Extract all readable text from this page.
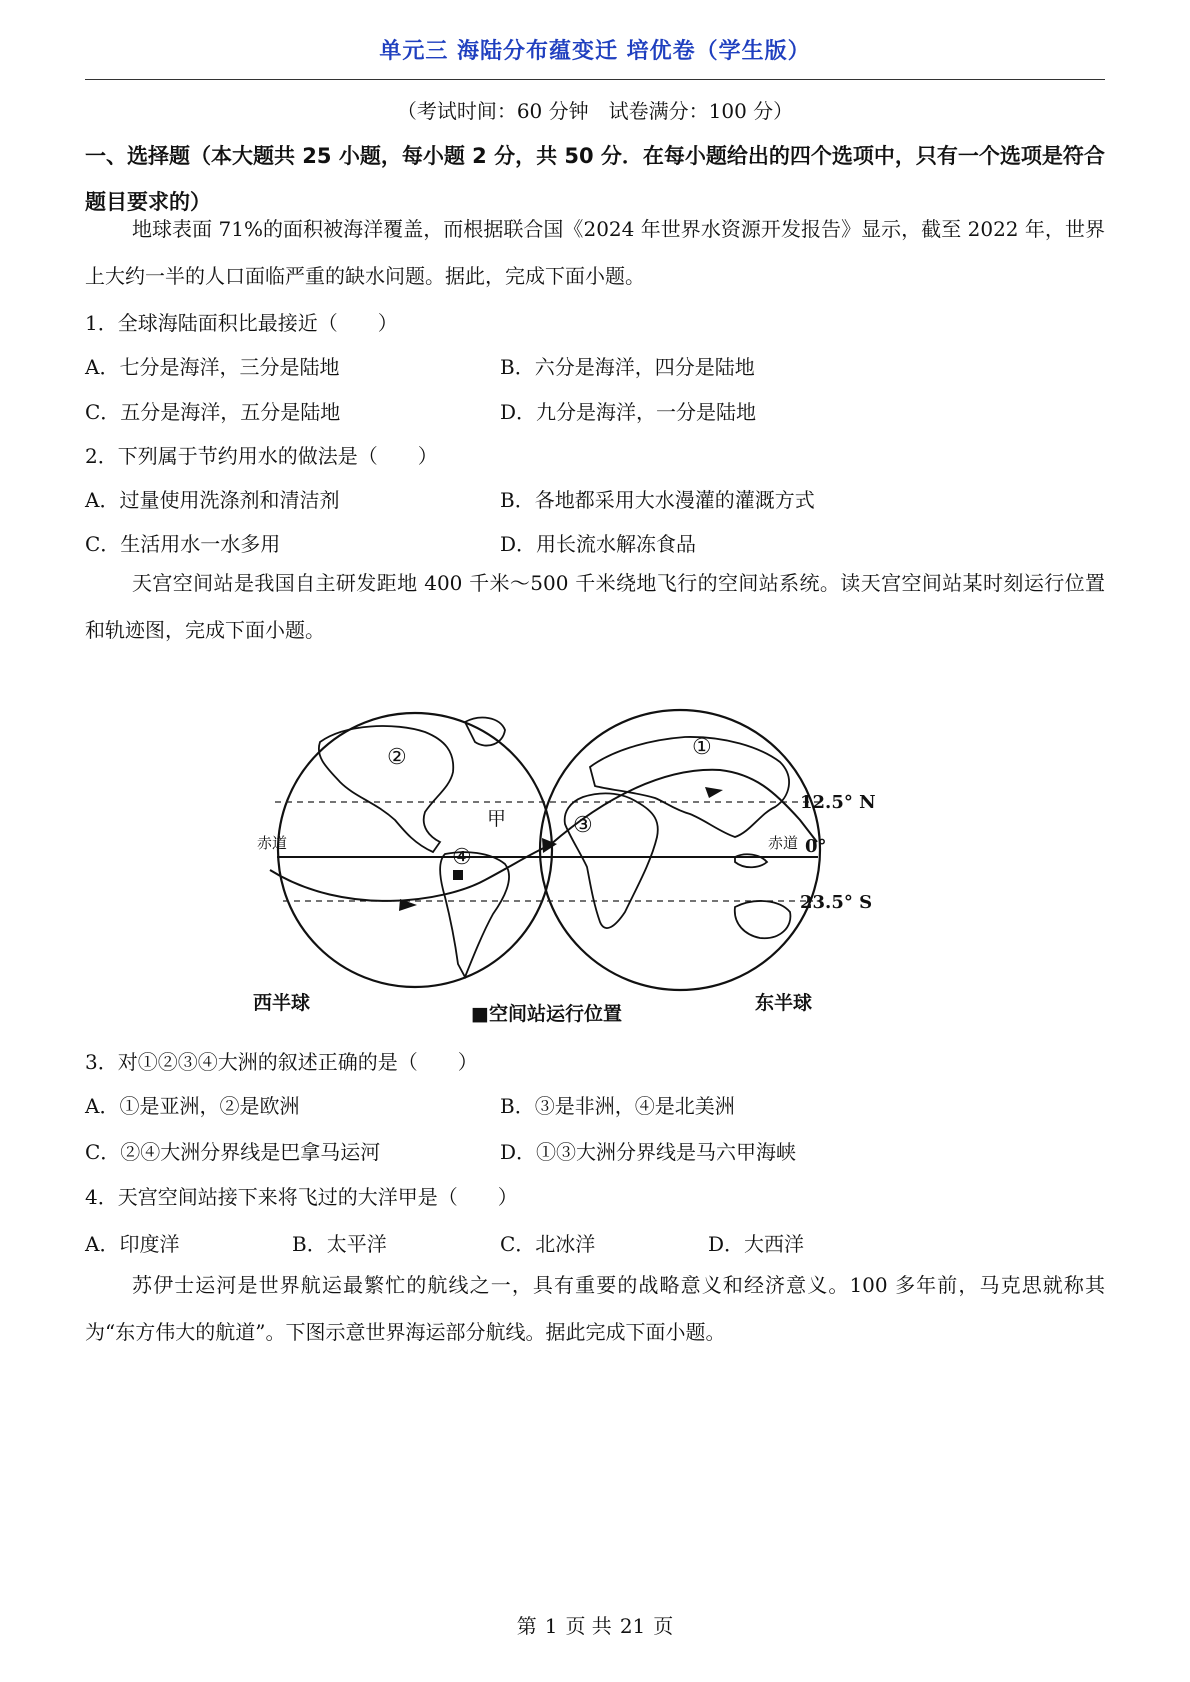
单元三 海陆分布蕴变迁 培优卷（学生版）
（考试时间：60 分钟　试卷满分：100 分）
一、选择题（本大题共 25 小题，每小题 2 分，共 50 分．在每小题给出的四个选项中，只有一个选项是符合题目要求的）
地球表面 71%的面积被海洋覆盖，而根据联合国《2024 年世界水资源开发报告》显示，截至 2022 年，世界上大约一半的人口面临严重的缺水问题。据此，完成下面小题。
1．全球海陆面积比最接近（　　）
A．七分是海洋，三分是陆地	B．六分是海洋，四分是陆地
C．五分是海洋，五分是陆地	D．九分是海洋，一分是陆地
2．下列属于节约用水的做法是（　　）
A．过量使用洗涤剂和清洁剂	B．各地都采用大水漫灌的灌溉方式
C．生活用水一水多用	D．用长流水解冻食品
天宫空间站是我国自主研发距地 400 千米～500 千米绕地飞行的空间站系统。读天宫空间站某时刻运行位置和轨迹图，完成下面小题。
②	①
③
④
甲
赤道	赤道
12.5° N
0°
23.5° S
西半球	东半球
■空间站运行位置
3．对①②③④大洲的叙述正确的是（　　）
A．①是亚洲，②是欧洲	B．③是非洲，④是北美洲
C．②④大洲分界线是巴拿马运河	D．①③大洲分界线是马六甲海峡
4．天宫空间站接下来将飞过的大洋甲是（　　）
A．印度洋	B．太平洋	C．北冰洋	D．大西洋
苏伊士运河是世界航运最繁忙的航线之一，具有重要的战略意义和经济意义。100 多年前，马克思就称其为“东方伟大的航道”。下图示意世界海运部分航线。据此完成下面小题。
第 1 页 共 21 页
